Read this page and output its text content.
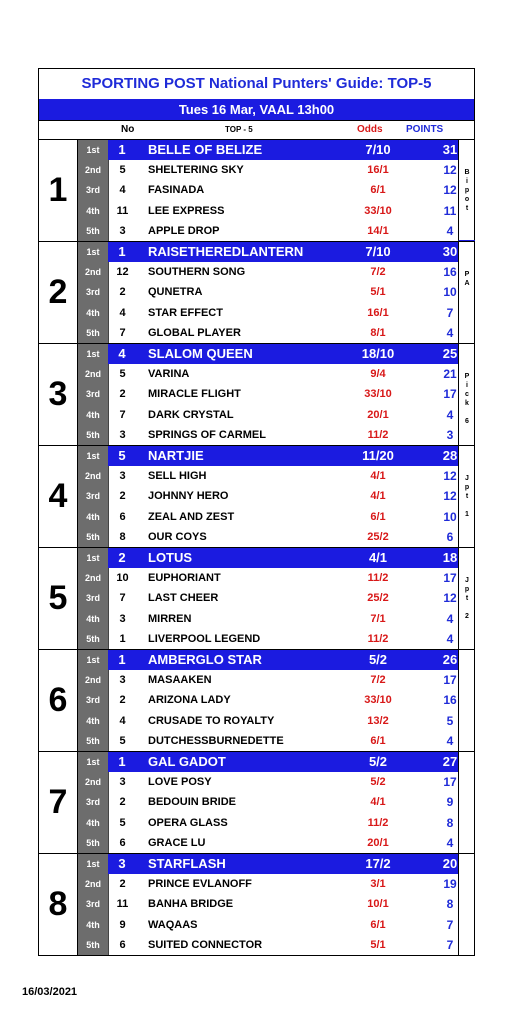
SPORTING POST National Punters' Guide: TOP-5
Tues 16 Mar, VAAL 13h00
No	TOP - 5	Odds POINTS
1
1st	1	BELLE OF BELIZE	7/10	31
2nd	5	SHELTERING SKY	16/1	12
3rd	4	FASINADA	6/1	12
4th	11	LEE EXPRESS	33/10	11
5th	3	APPLE DROP	14/1	4
B
i
p
o
t
2
1st	1	RAISETHEREDLANTERN	7/10	30
2nd	12	SOUTHERN SONG	7/2	16
3rd	2	QUNETRA	5/1	10
4th	4	STAR EFFECT	16/1	7
5th	7	GLOBAL PLAYER	8/1	4
P
A
3
1st	4	SLALOM QUEEN	18/10	25
2nd	5	VARINA	9/4	21
3rd	2	MIRACLE FLIGHT	33/10	17
4th	7	DARK CRYSTAL	20/1	4
5th	3	SPRINGS OF CARMEL	11/2	3
P
i
c
k
6
4
1st	5	NARTJIE	11/20	28
2nd	3	SELL HIGH	4/1	12
3rd	2	JOHNNY HERO	4/1	12
4th	6	ZEAL AND ZEST	6/1	10
5th	8	OUR COYS	25/2	6
J
p
t
1
5
1st	2	LOTUS	4/1	18
2nd	10	EUPHORIANT	11/2	17
3rd	7	LAST CHEER	25/2	12
4th	3	MIRREN	7/1	4
5th	1	LIVERPOOL LEGEND	11/2	4
J
p
t
2
6
1st	1	AMBERGLO STAR	5/2	26
2nd	3	MASAAKEN	7/2	17
3rd	2	ARIZONA LADY	33/10	16
4th	4	CRUSADE TO ROYALTY	13/2	5
5th	5	DUTCHESSBURNEDETTE	6/1	4
7
1st	1	GAL GADOT	5/2	27
2nd	3	LOVE POSY	5/2	17
3rd	2	BEDOUIN BRIDE	4/1	9
4th	5	OPERA GLASS	11/2	8
5th	6	GRACE LU	20/1	4
8
1st	3	STARFLASH	17/2	20
2nd	2	PRINCE EVLANOFF	3/1	19
3rd	11	BANHA BRIDGE	10/1	8
4th	9	WAQAAS	6/1	7
5th	6	SUITED CONNECTOR	5/1	7
16/03/2021
